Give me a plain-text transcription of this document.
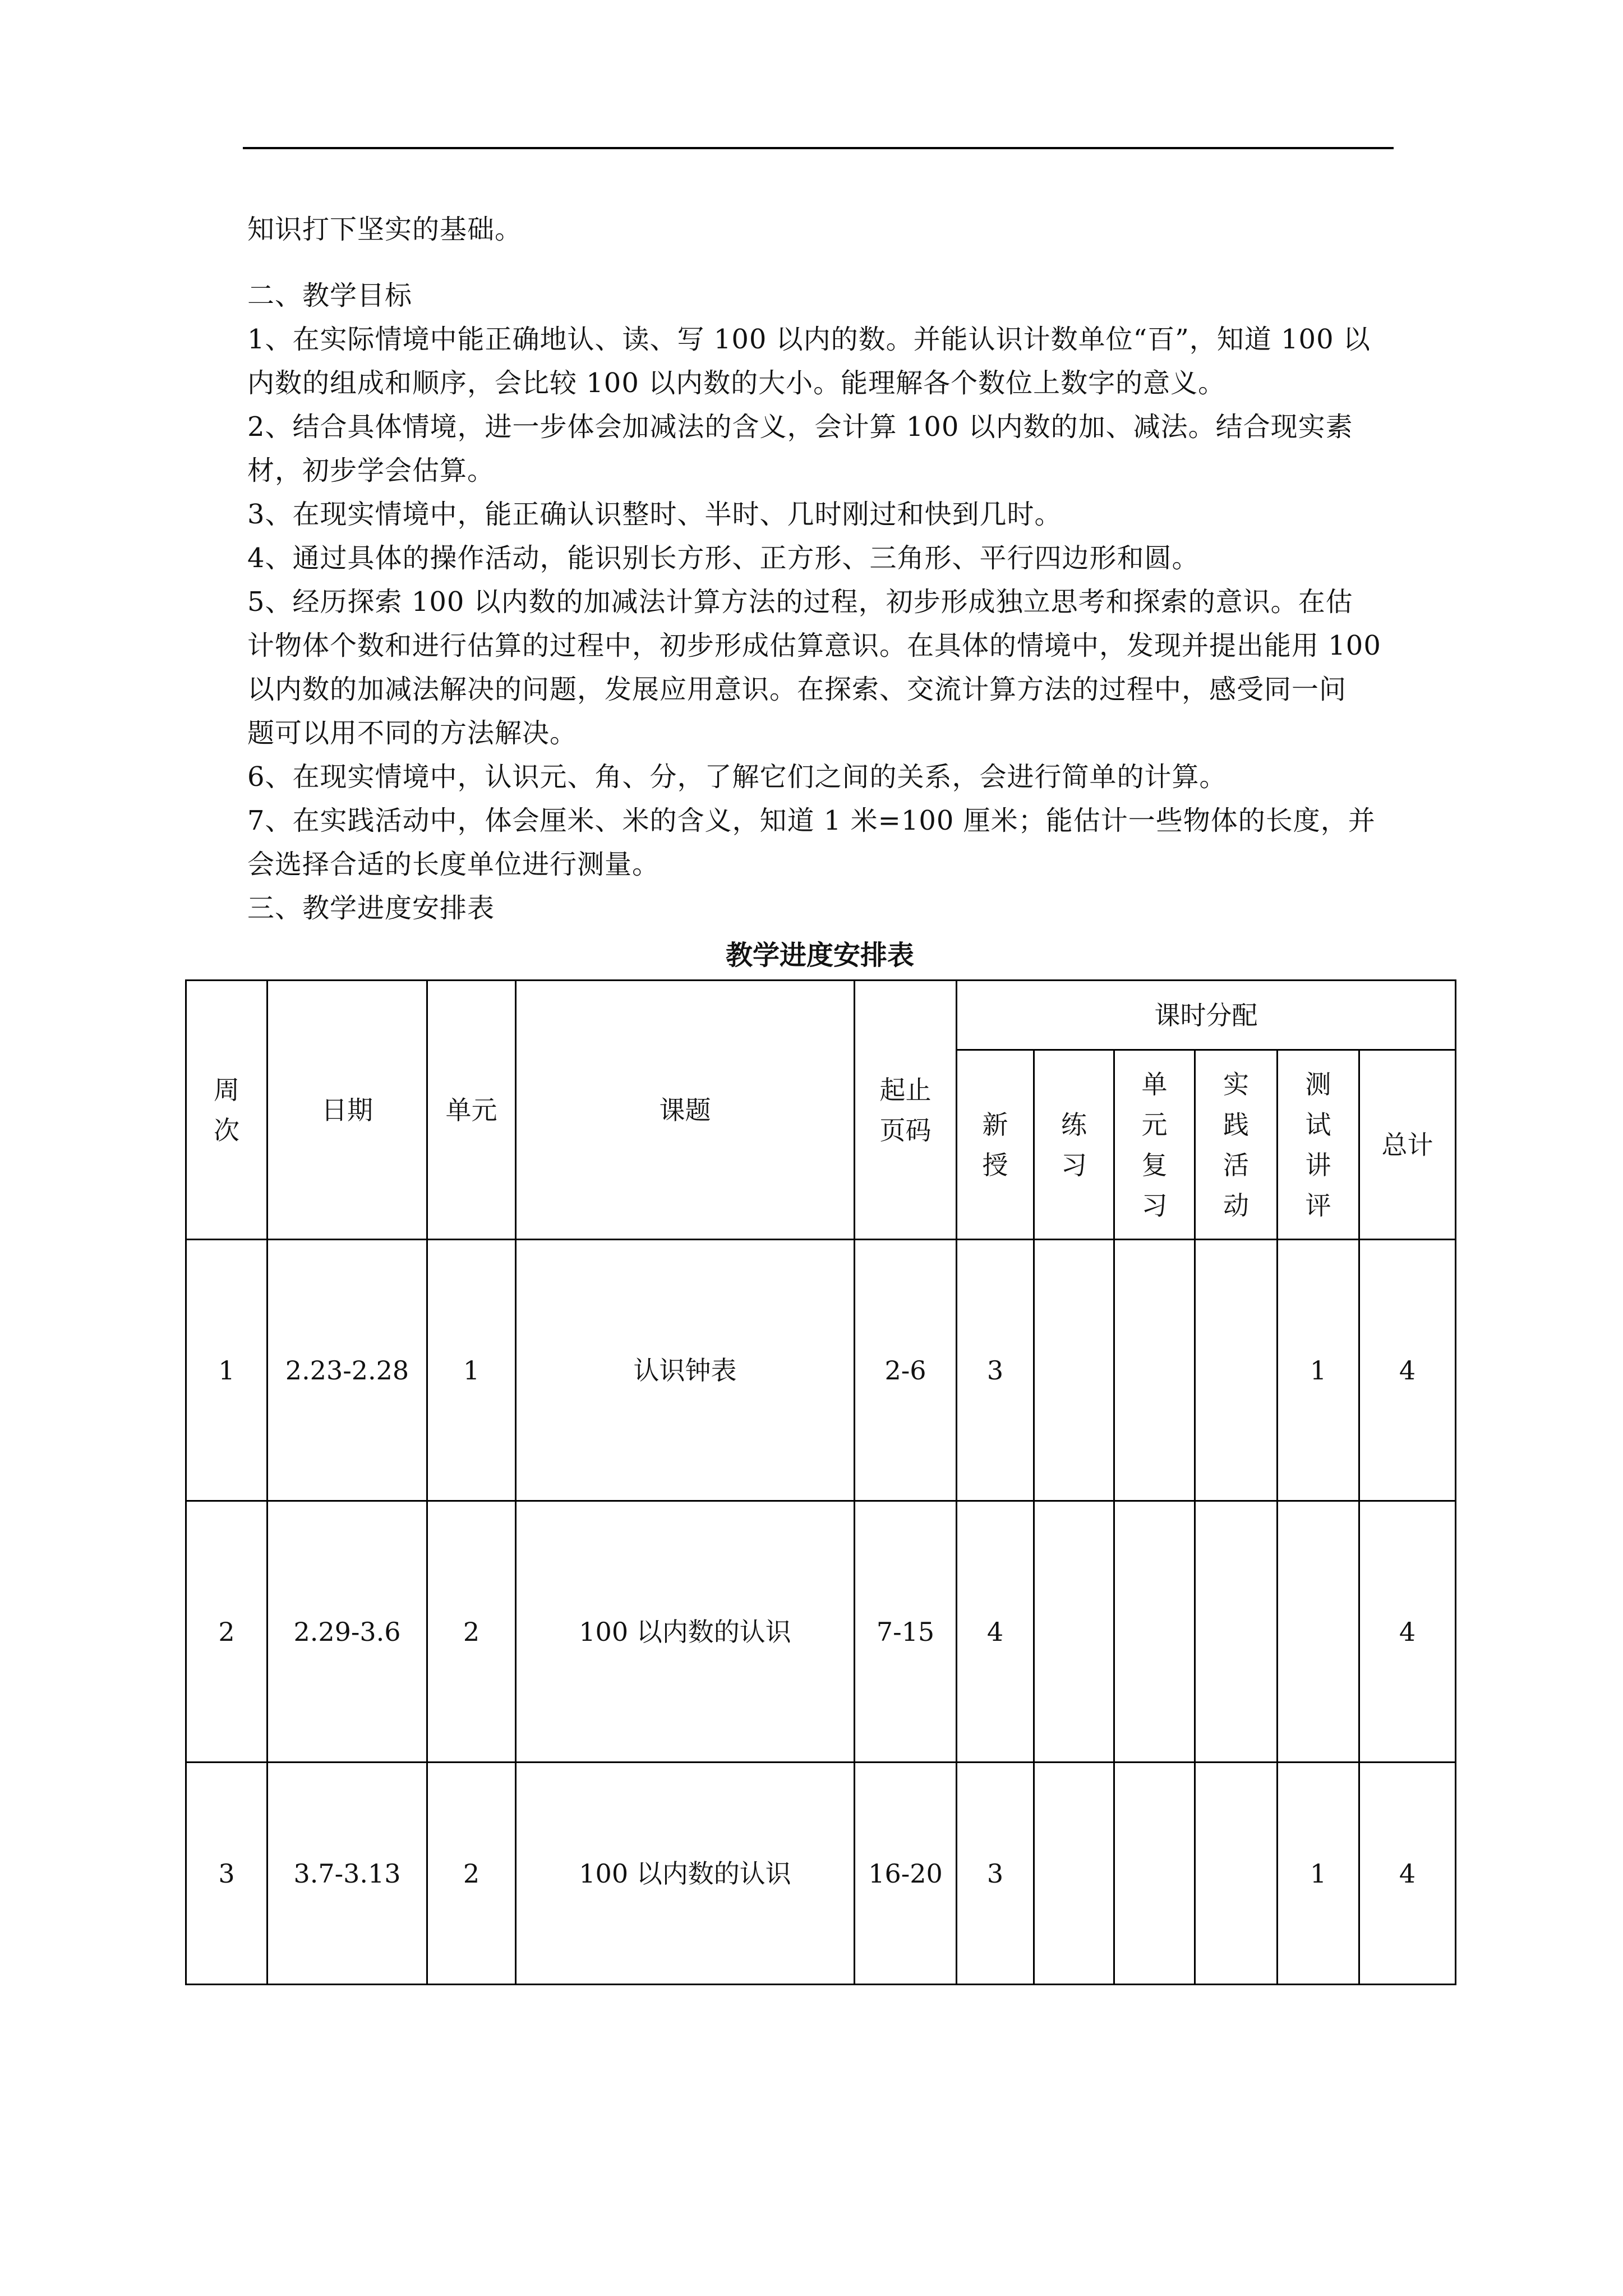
知识打下坚实的基础。

二、教学目标

1、在实际情境中能正确地认、读、写 100 以内的数。并能认识计数单位“百”，知道 100 以

内数的组成和顺序，会比较 100 以内数的大小。能理解各个数位上数字的意义。

2、结合具体情境，进一步体会加减法的含义，会计算 100 以内数的加、减法。结合现实素

材，初步学会估算。

3、在现实情境中，能正确认识整时、半时、几时刚过和快到几时。

4、通过具体的操作活动，能识别长方形、正方形、三角形、平行四边形和圆。

5、经历探索 100 以内数的加减法计算方法的过程，初步形成独立思考和探索的意识。在估

计物体个数和进行估算的过程中，初步形成估算意识。在具体的情境中，发现并提出能用 100

以内数的加减法解决的问题，发展应用意识。在探索、交流计算方法的过程中，感受同一问

题可以用不同的方法解决。

6、在现实情境中，认识元、角、分，了解它们之间的关系，会进行简单的计算。

7、在实践活动中，体会厘米、米的含义，知道 1 米=100 厘米；能估计一些物体的长度，并

会选择合适的长度单位进行测量。

三、教学进度安排表

教学进度安排表
周次	日期	单元	课题	起止页码	课时分配					
					新授	练习	单元复习	实践活动	测试讲评	总计
1	2.23-2.28	1	认识钟表	2-6	3				1	4
2	2.29-3.6	2	100 以内数的认识	7-15	4					4
3	3.7-3.13	2	100 以内数的认识	16-20	3				1	4
